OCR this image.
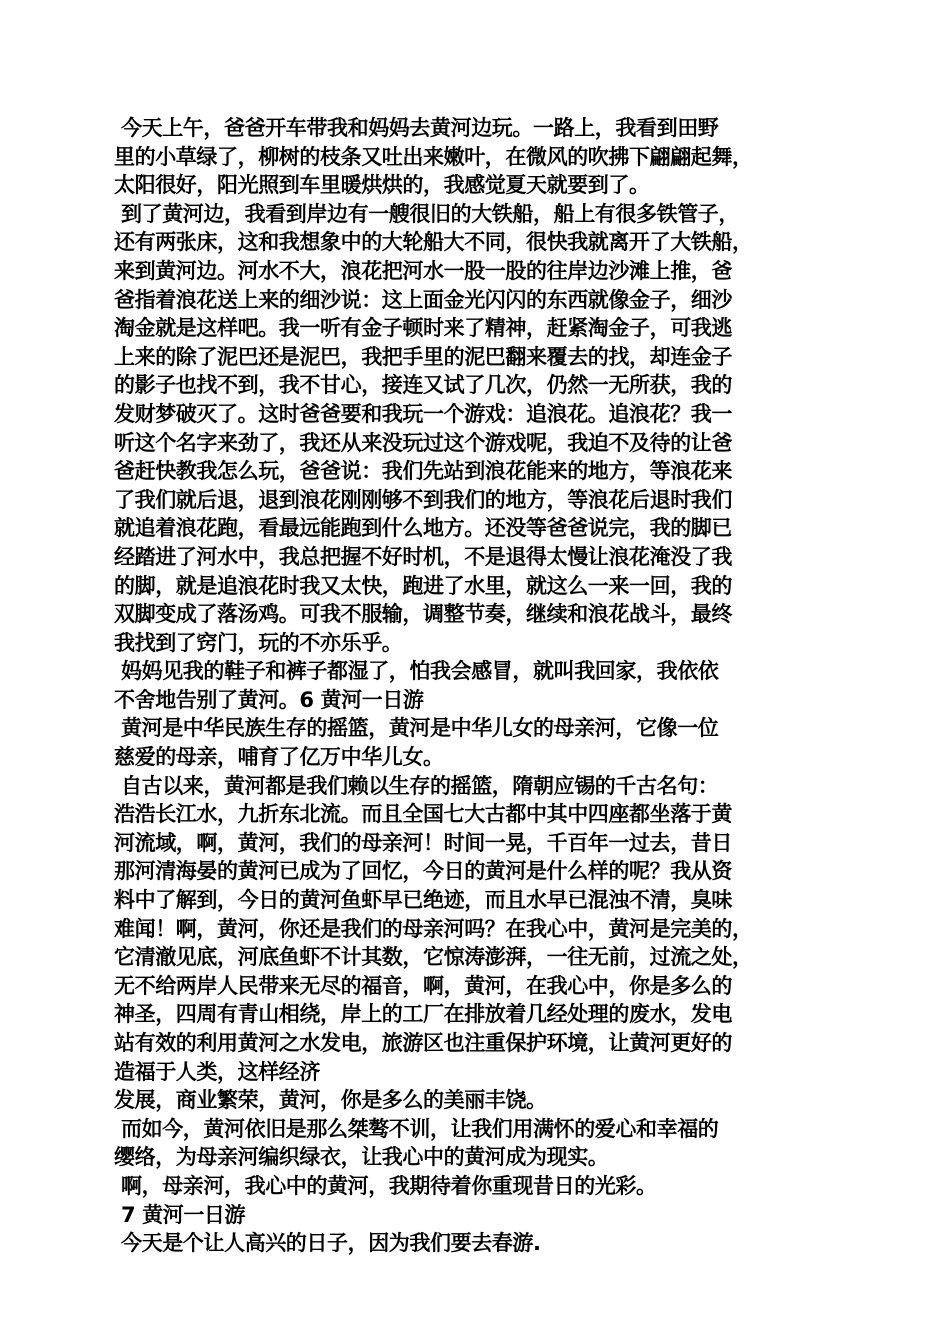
今天上午，爸爸开车带我和妈妈去黄河边玩。一路上，我看到田野
里的小草绿了，柳树的枝条又吐出来嫩叶，在微风的吹拂下翩翩起舞，
太阳很好，阳光照到车里暖烘烘的，我感觉夏天就要到了。
到了黄河边，我看到岸边有一艘很旧的大铁船，船上有很多铁管子，
还有两张床，这和我想象中的大轮船大不同，很快我就离开了大铁船，
来到黄河边。河水不大，浪花把河水一股一股的往岸边沙滩上推，爸
爸指着浪花送上来的细沙说：这上面金光闪闪的东西就像金子，细沙
淘金就是这样吧。我一听有金子顿时来了精神，赶紧淘金子，可我逃
上来的除了泥巴还是泥巴，我把手里的泥巴翻来覆去的找，却连金子
的影子也找不到，我不甘心，接连又试了几次，仍然一无所获，我的
发财梦破灭了。这时爸爸要和我玩一个游戏：追浪花。追浪花？我一
听这个名字来劲了，我还从来没玩过这个游戏呢，我迫不及待的让爸
爸赶快教我怎么玩，爸爸说：我们先站到浪花能来的地方，等浪花来
了我们就后退，退到浪花刚刚够不到我们的地方，等浪花后退时我们
就追着浪花跑，看最远能跑到什么地方。还没等爸爸说完，我的脚已
经踏进了河水中，我总把握不好时机，不是退得太慢让浪花淹没了我
的脚，就是追浪花时我又太快，跑进了水里，就这么一来一回，我的
双脚变成了落汤鸡。可我不服输，调整节奏，继续和浪花战斗，最终
我找到了窍门，玩的不亦乐乎。
妈妈见我的鞋子和裤子都湿了，怕我会感冒，就叫我回家，我依依
不舍地告别了黄河。6 黄河一日游
黄河是中华民族生存的摇篮，黄河是中华儿女的母亲河，它像一位
慈爱的母亲，哺育了亿万中华儿女。
自古以来，黄河都是我们赖以生存的摇篮，隋朝应锡的千古名句：
浩浩长江水，九折东北流。而且全国七大古都中其中四座都坐落于黄
河流域，啊，黄河，我们的母亲河！时间一晃，千百年一过去，昔日
那河清海晏的黄河已成为了回忆，今日的黄河是什么样的呢？我从资
料中了解到，今日的黄河鱼虾早已绝迹，而且水早已混浊不清，臭味
难闻！啊，黄河，你还是我们的母亲河吗？在我心中，黄河是完美的，
它清澈见底，河底鱼虾不计其数，它惊涛澎湃，一往无前，过流之处，
无不给两岸人民带来无尽的福音，啊，黄河，在我心中，你是多么的
神圣，四周有青山相绕，岸上的工厂在排放着几经处理的废水，发电
站有效的利用黄河之水发电，旅游区也注重保护环境，让黄河更好的
造福于人类，这样经济
发展，商业繁荣，黄河，你是多么的美丽丰饶。
而如今，黄河依旧是那么桀骜不训，让我们用满怀的爱心和幸福的
缨络，为母亲河编织绿衣，让我心中的黄河成为现实。
啊，母亲河，我心中的黄河，我期待着你重现昔日的光彩。
7 黄河一日游
今天是个让人高兴的日子，因为我们要去春游.
